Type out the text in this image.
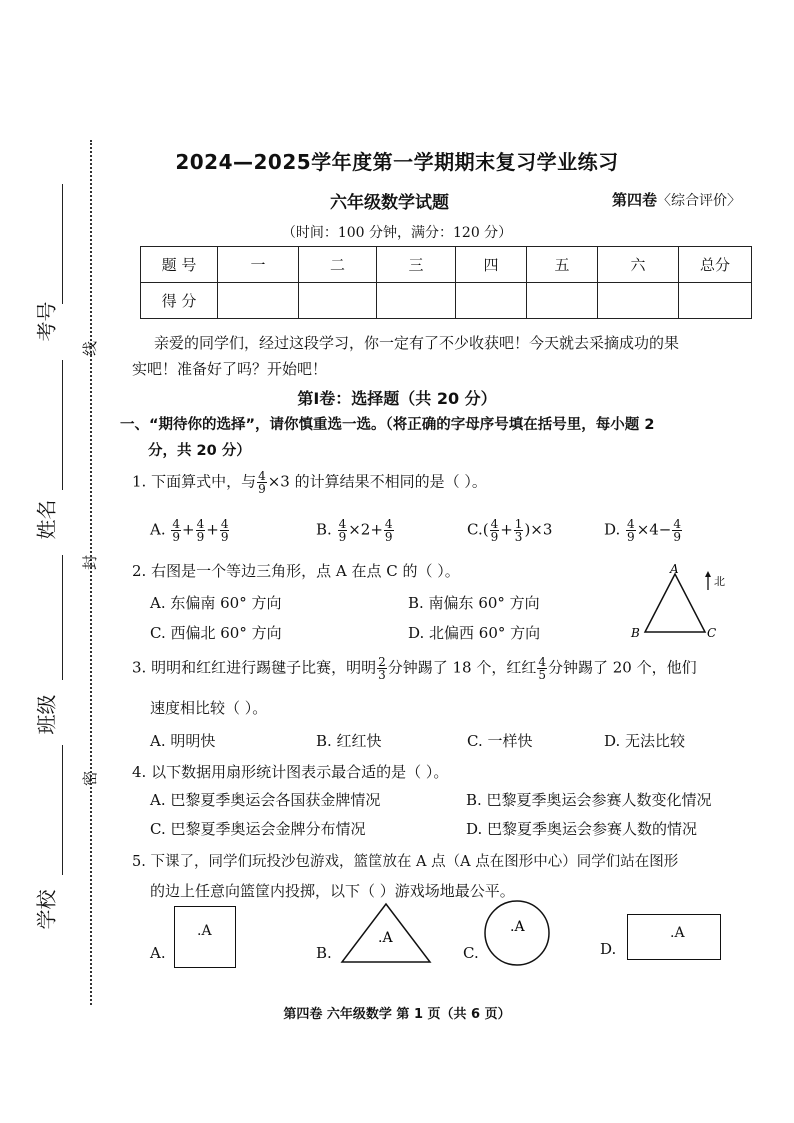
考号
姓名
班级
学校
线
封
密
2024—2025学年度第一学期期末复习学业练习
六年级数学试题	第四卷〈综合评价〉
（时间：100 分钟，满分：120 分）
题 号	一	二	三	四	五	六	总分
得 分							
亲爱的同学们，经过这段学习，你一定有了不少收获吧！今天就去采摘成功的果
实吧！准备好了吗？开始吧！
第Ⅰ卷：选择题（共 20 分）
一、“期待你的选择”，请你慎重选一选。（将正确的字母序号填在括号里，每小题 2
分，共 20 分）
1. 下面算式中，与 $\frac{4}{9} \times 3$ 的计算结果不相同的是（ ）。
A. $\frac{4}{9} + \frac{4}{9} + \frac{4}{9}$	B. $\frac{4}{9} \times 2+ \frac{4}{9}$	$C.( \frac{4}{9} + \frac{1}{3} )\times 3$	D. $\frac{4}{9} \times 4- \frac{4}{9}$
2. 右图是一个等边三角形，点 A 在点 C 的（ ）。
A. 东偏南 60° 方向	B. 南偏东 60° 方向
C. 西偏北 60° 方向	D. 北偏西 60° 方向
A
B	C
北
3. 明明和红红进行踢毽子比赛，明明 $\frac{2}{3}$ 分钟踢了 18 个，红红 $\frac{4}{5}$ 分钟踢了 20 个，他们
速度相比较（ ）。
A. 明明快	B. 红红快	C. 一样快	D. 无法比较
4. 以下数据用扇形统计图表示最合适的是（ ）。
A. 巴黎夏季奥运会各国获金牌情况	B. 巴黎夏季奥运会参赛人数变化情况
C. 巴黎夏季奥运会金牌分布情况	D. 巴黎夏季奥运会参赛人数的情况
5. 下课了，同学们玩投沙包游戏，篮筐放在 A 点（A 点在图形中心）同学们站在图形
的边上任意向篮筐内投掷，以下（ ）游戏场地最公平。
A.
.A
B.
.A
C.
.A
D.
.A
第四卷 六年级数学 第 1 页（共 6 页）
